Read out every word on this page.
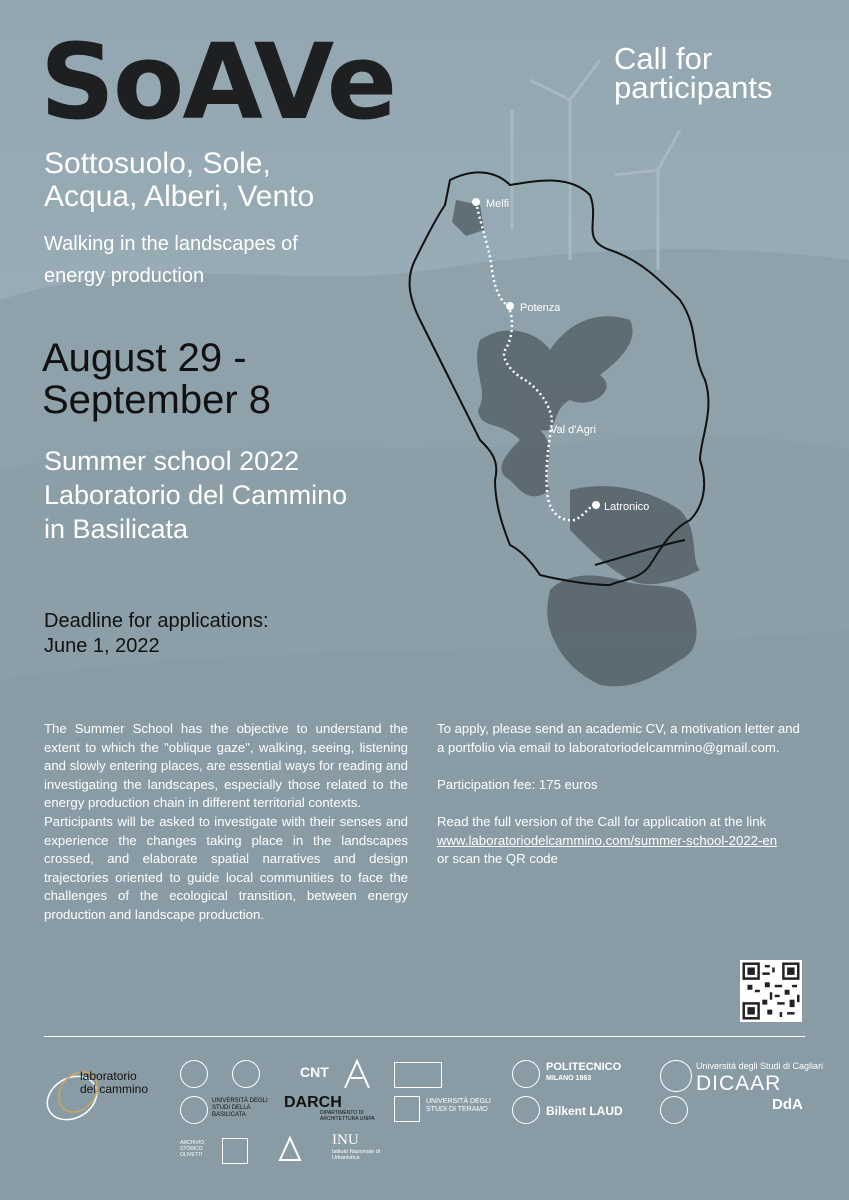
SoAVe
Sottosuolo, Sole,
Acqua, Alberi, Vento
Walking in the landscapes of
energy production
Call for
participants
Melfi
Potenza
Val d'Agri
Latronico
August 29 -
September 8
Summer school 2022
Laboratorio del Cammino
in Basilicata
Deadline for applications:
June 1, 2022

The Summer School has the objective to understand the extent to which the "oblique gaze", walking, seeing, listening and slowly entering places, are essential ways for reading and investigating the landscapes, especially those related to the energy production chain in different territorial contexts.

Participants will be asked to investigate with their senses and experience the changes taking place in the landscapes crossed, and elaborate spatial narratives and design trajectories oriented to guide local communities to face the challenges of the ecological transition, between energy production and landscape production.

To apply, please send an academic CV, a motivation letter and a portfolio via email to laboratoriodelcammino@gmail.com.

Participation fee: 175 euros

Read the full version of the Call for application at the link www.laboratoriodelcammino.com/summer-school-2022-en
or scan the QR code

laboratorio
del cammino
CNT	POLITECNICO
MILANO 1863
Università degli Studi di Cagliari
DICAAR
UNIVERSITÀ DEGLI STUDI DELLA BASILICATA
DARCH
DIPARTIMENTO DI ARCHITETTURA UNIPA
UNIVERSITÀ DEGLI STUDI DI TERAMO	Bilkent LAUD	DdA
ARCHIVIO STORICO OLIVETTI
INU
Istituto Nazionale di Urbanistica
